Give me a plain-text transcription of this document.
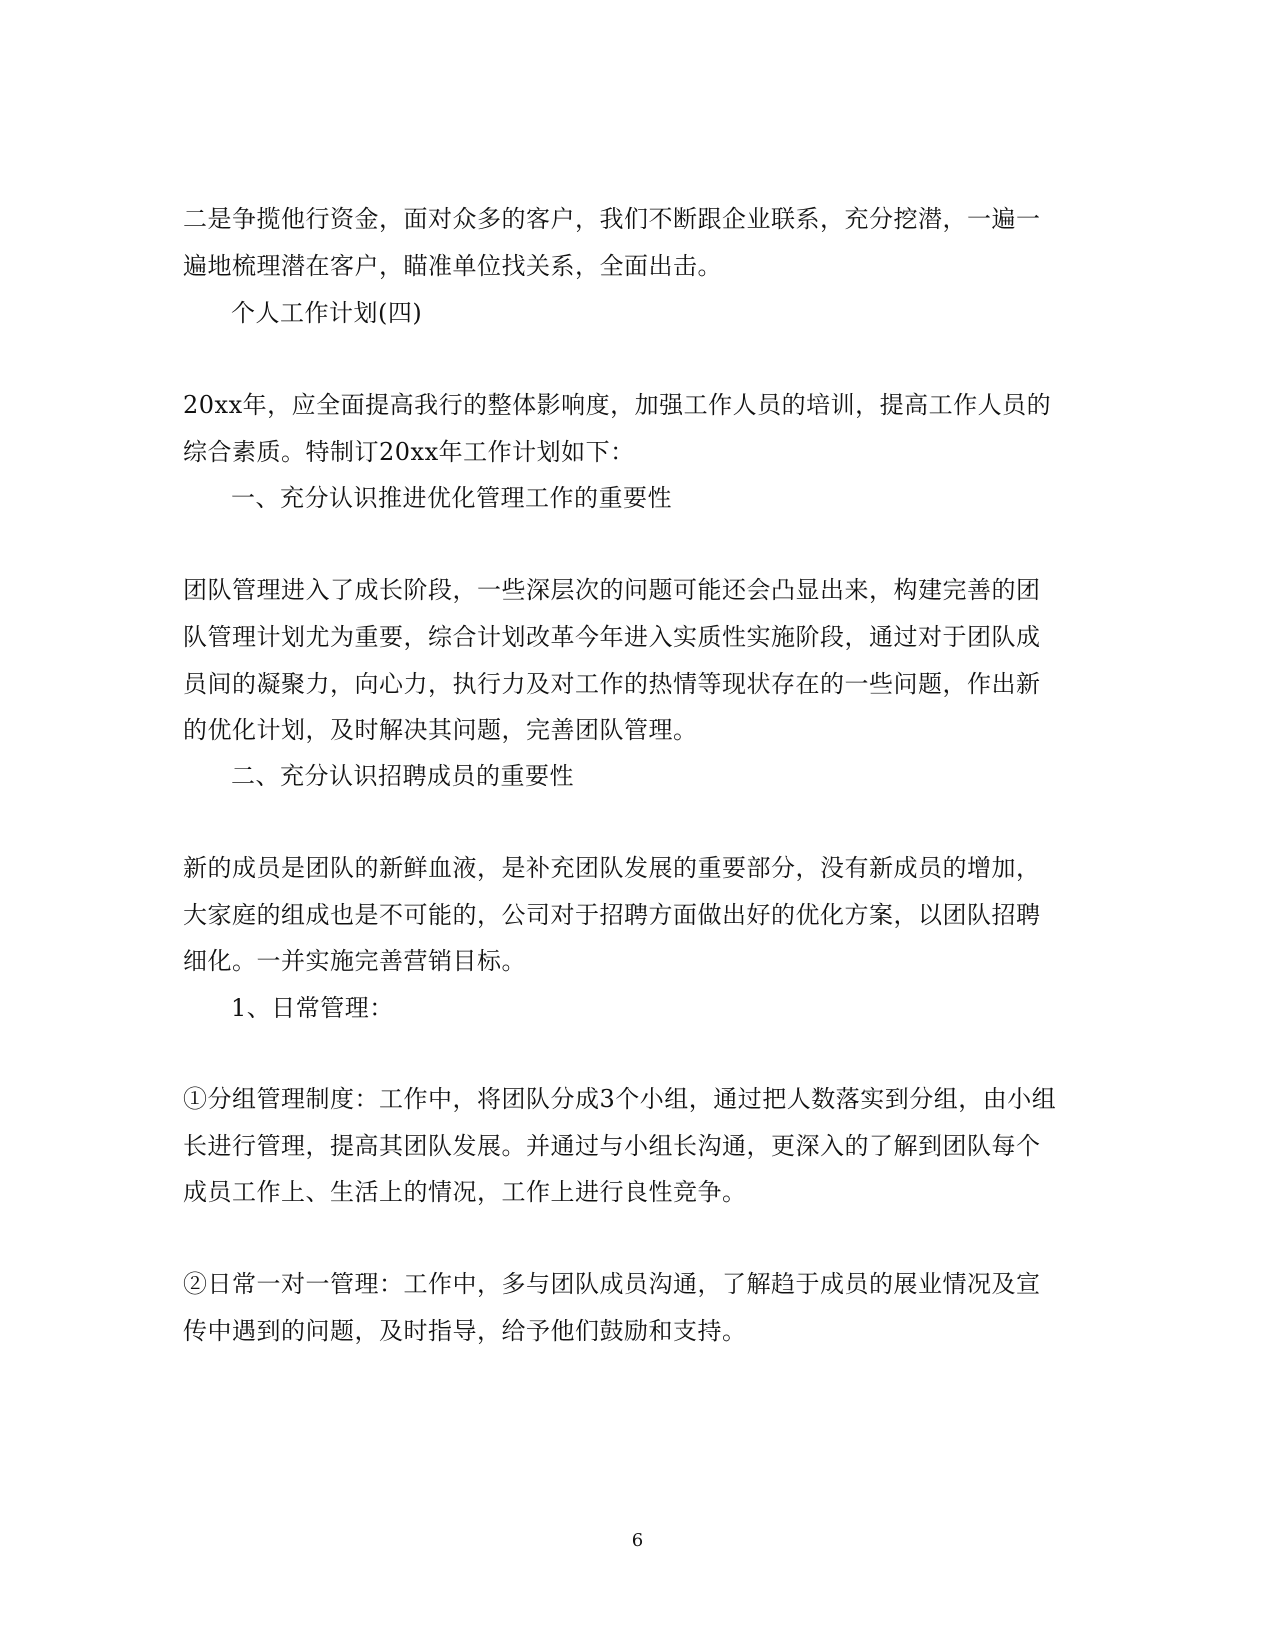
二是争揽他行资金，面对众多的客户，我们不断跟企业联系，充分挖潜，一遍一
遍地梳理潜在客户，瞄准单位找关系，全面出击。
个人工作计划(四)
20xx年，应全面提高我行的整体影响度，加强工作人员的培训，提高工作人员的
综合素质。特制订20xx年工作计划如下：
一、充分认识推进优化管理工作的重要性
团队管理进入了成长阶段，一些深层次的问题可能还会凸显出来，构建完善的团
队管理计划尤为重要，综合计划改革今年进入实质性实施阶段，通过对于团队成
员间的凝聚力，向心力，执行力及对工作的热情等现状存在的一些问题，作出新
的优化计划，及时解决其问题，完善团队管理。
二、充分认识招聘成员的重要性
新的成员是团队的新鲜血液，是补充团队发展的重要部分，没有新成员的增加，
大家庭的组成也是不可能的，公司对于招聘方面做出好的优化方案，以团队招聘
细化。一并实施完善营销目标。
1、日常管理：
①分组管理制度：工作中，将团队分成3个小组，通过把人数落实到分组，由小组
长进行管理，提高其团队发展。并通过与小组长沟通，更深入的了解到团队每个
成员工作上、生活上的情况，工作上进行良性竞争。
②日常一对一管理：工作中，多与团队成员沟通，了解趋于成员的展业情况及宣
传中遇到的问题，及时指导，给予他们鼓励和支持。
6
